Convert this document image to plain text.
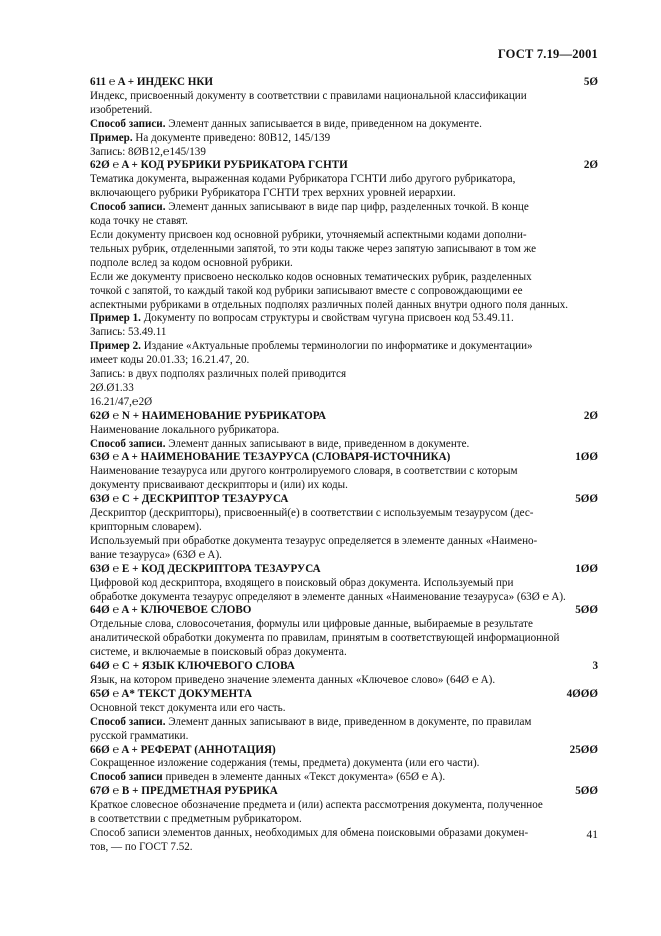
ГОСТ 7.19—2001
611 ℮ A + ИНДЕКС НКИ	5Ø
Индекс, присвоенный документу в соответствии с правилами национальной классификации
изобретений.
Способ записи. Элемент данных записывается в виде, приведенном на документе.
Пример. На документе приведено: 80B12, 145/139
Запись: 8ØB12,℮145/139
62Ø ℮ A + КОД РУБРИКИ РУБРИКАТОРА ГСНТИ	2Ø
Тематика документа, выраженная кодами Рубрикатора ГСНТИ либо другого рубрикатора,
включающего рубрики Рубрикатора ГСНТИ трех верхних уровней иерархии.
Способ записи. Элемент данных записывают в виде пар цифр, разделенных точкой. В конце
кода точку не ставят.
Если документу присвоен код основной рубрики, уточняемый аспектными кодами дополни-
тельных рубрик, отделенными запятой, то эти коды также через запятую записывают в том же
подполе вслед за кодом основной рубрики.
Если же документу присвоено несколько кодов основных тематических рубрик, разделенных
точкой с запятой, то каждый такой код рубрики записывают вместе с сопровождающими ее
аспектными рубриками в отдельных подполях различных полей данных внутри одного поля данных.
Пример 1. Документу по вопросам структуры и свойствам чугуна присвоен код 53.49.11.
Запись: 53.49.11
Пример 2. Издание «Актуальные проблемы терминологии по информатике и документации»
имеет коды 20.01.33; 16.21.47, 20.
Запись: в двух подполях различных полей приводится
2Ø.Ø1.33
16.21/47,℮2Ø
62Ø ℮ N + НАИМЕНОВАНИЕ РУБРИКАТОРА	2Ø
Наименование локального рубрикатора.
Способ записи. Элемент данных записывают в виде, приведенном в документе.
63Ø ℮ A + НАИМЕНОВАНИЕ ТЕЗАУРУСА (СЛОВАРЯ-ИСТОЧНИКА)	1ØØ
Наименование тезауруса или другого контролируемого словаря, в соответствии с которым
документу присваивают дескрипторы и (или) их коды.
63Ø ℮ C + ДЕСКРИПТОР ТЕЗАУРУСА	5ØØ
Дескриптор (дескрипторы), присвоенный(е) в соответствии с используемым тезаурусом (дес-
крипторным словарем).
Используемый при обработке документа тезаурус определяется в элементе данных «Наимено-
вание тезауруса» (63Ø ℮ A).
63Ø ℮ E + КОД ДЕСКРИПТОРА ТЕЗАУРУСА	1ØØ
Цифровой код дескриптора, входящего в поисковый образ документа. Используемый при
обработке документа тезаурус определяют в элементе данных «Наименование тезауруса» (63Ø ℮ A).
64Ø ℮ A + КЛЮЧЕВОЕ СЛОВО	5ØØ
Отдельные слова, словосочетания, формулы или цифровые данные, выбираемые в результате
аналитической обработки документа по правилам, принятым в соответствующей информационной
системе, и включаемые в поисковый образ документа.
64Ø ℮ C + ЯЗЫК КЛЮЧЕВОГО СЛОВА	3
Язык, на котором приведено значение элемента данных «Ключевое слово» (64Ø ℮ A).
65Ø ℮ A* ТЕКСТ ДОКУМЕНТА	4ØØØ
Основной текст документа или его часть.
Способ записи. Элемент данных записывают в виде, приведенном в документе, по правилам
русской грамматики.
66Ø ℮ A + РЕФЕРАТ (АННОТАЦИЯ)	25ØØ
Сокращенное изложение содержания (темы, предмета) документа (или его части).
Способ записи приведен в элементе данных «Текст документа» (65Ø ℮ A).
67Ø ℮ B + ПРЕДМЕТНАЯ РУБРИКА	5ØØ
Краткое словесное обозначение предмета и (или) аспекта рассмотрения документа, полученное
в соответствии с предметным рубрикатором.
Способ записи элементов данных, необходимых для обмена поисковыми образами докумен-
тов, — по ГОСТ 7.52.
41
